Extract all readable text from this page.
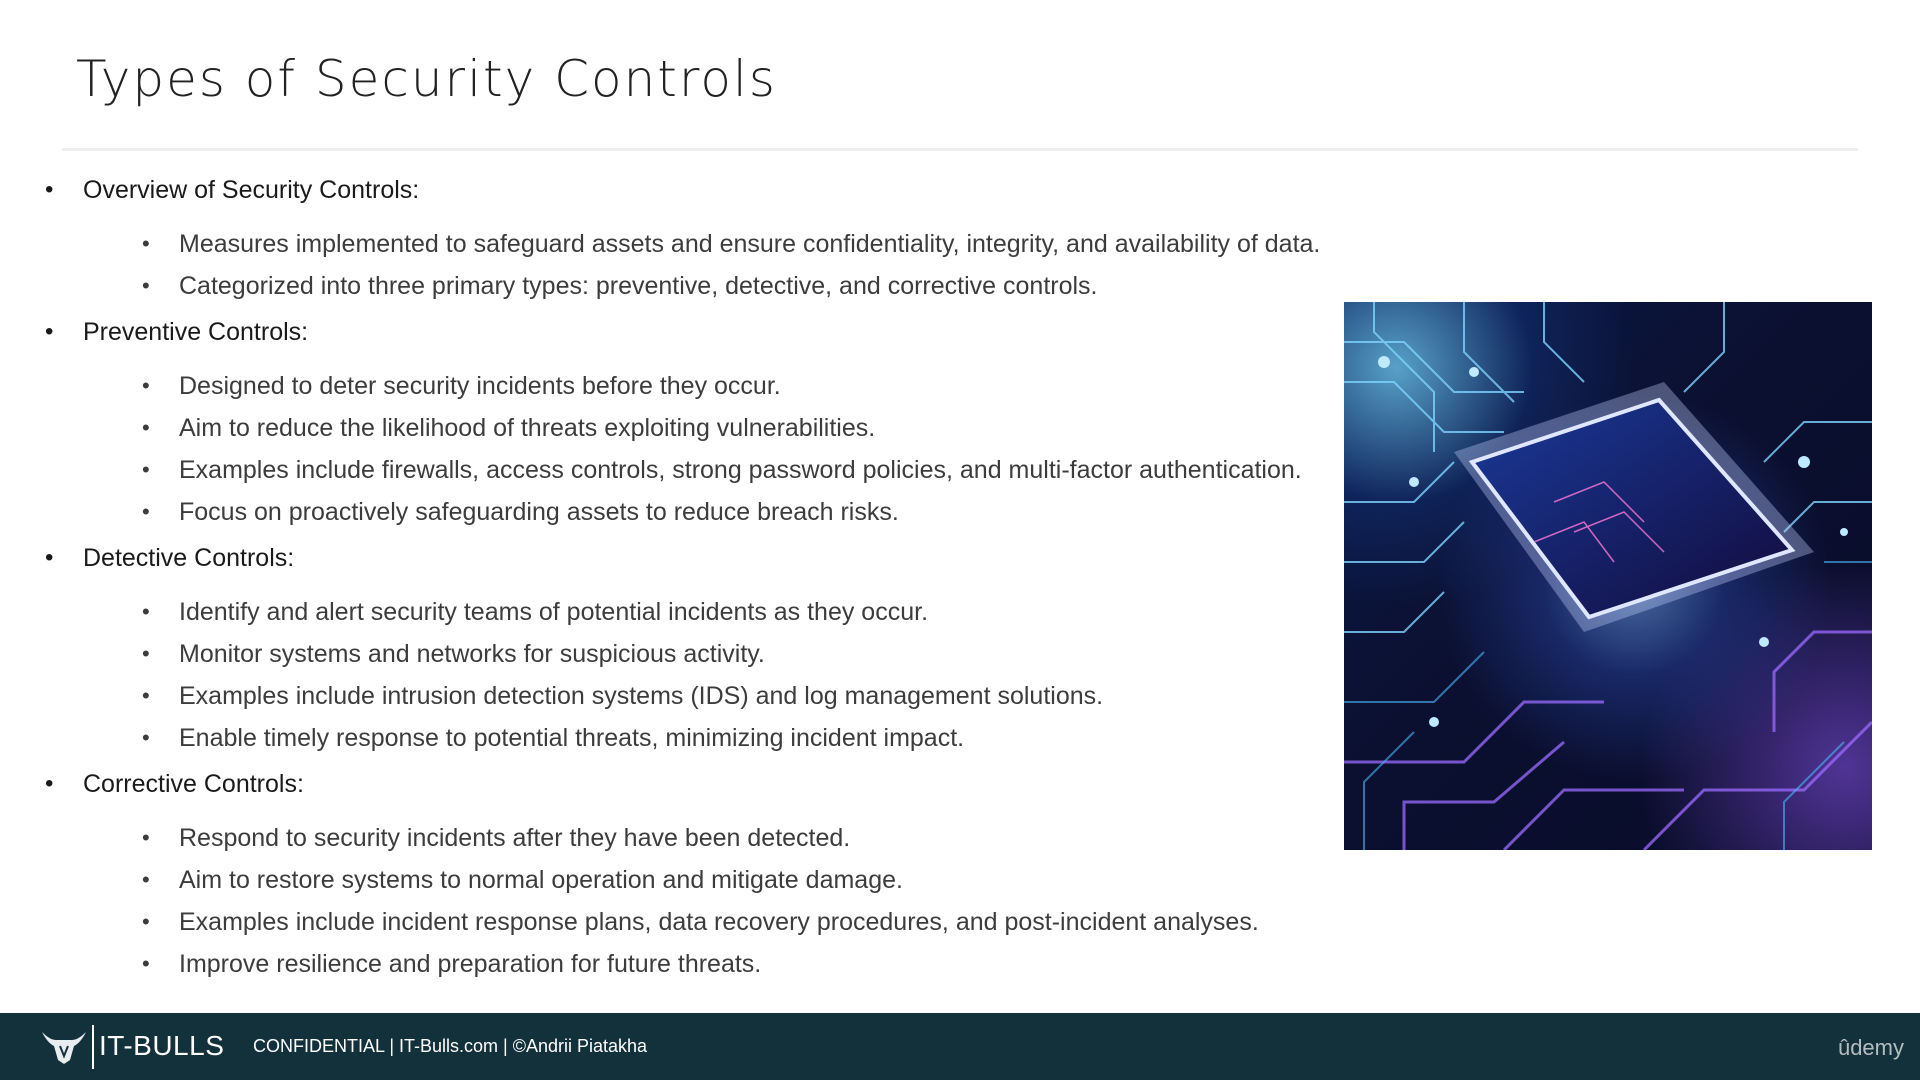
Types of Security Controls
• Overview of Security Controls:
• Measures implemented to safeguard assets and ensure confidentiality, integrity, and availability of data.
• Categorized into three primary types: preventive, detective, and corrective controls.
• Preventive Controls:
• Designed to deter security incidents before they occur.
• Aim to reduce the likelihood of threats exploiting vulnerabilities.
• Examples include firewalls, access controls, strong password policies, and multi-factor authentication.
• Focus on proactively safeguarding assets to reduce breach risks.
• Detective Controls:
• Identify and alert security teams of potential incidents as they occur.
• Monitor systems and networks for suspicious activity.
• Examples include intrusion detection systems (IDS) and log management solutions.
• Enable timely response to potential threats, minimizing incident impact.
• Corrective Controls:
• Respond to security incidents after they have been detected.
• Aim to restore systems to normal operation and mitigate damage.
• Examples include incident response plans, data recovery procedures, and post-incident analyses.
• Improve resilience and preparation for future threats.
IT-BULLS CONFIDENTIAL | IT-Bulls.com | ©Andrii Piatakha	ûdemy
